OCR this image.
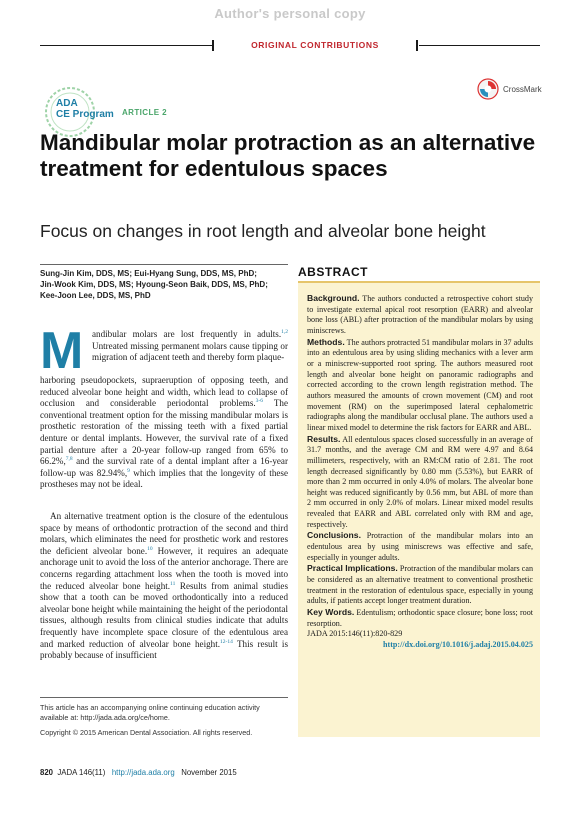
Author's personal copy
ORIGINAL CONTRIBUTIONS
ADA
CE Program ARTICLE 2
CrossMark
Mandibular molar protraction as an alternative treatment for edentulous spaces
Focus on changes in root length and alveolar bone height
Sung-Jin Kim, DDS, MS; Eui-Hyang Sung, DDS, MS, PhD;
Jin-Wook Kim, DDS, MS; Hyoung-Seon Baik, DDS, MS, PhD;
Kee-Joon Lee, DDS, MS, PhD
M andibular molars are lost frequently in adults.$^{1,2}$ Untreated missing permanent molars cause tipping or migration of adjacent teeth and thereby form plaque-
harboring pseudopockets, supraeruption of opposing teeth, and reduced alveolar bone height and width, which lead to collapse of occlusion and considerable periodontal problems.$^{3-6}$ The conventional treatment option for the missing mandibular molars is prosthetic restoration of the missing teeth with a fixed partial denture or dental implants. However, the survival rate of a fixed partial denture after a 20-year follow-up ranged from 65% to 66.2%,$^{7,8}$ and the survival rate of a dental implant after a 16-year follow-up was 82.94%,$^9$ which implies that the longevity of these prostheses may not be ideal.
An alternative treatment option is the closure of the edentulous space by means of orthodontic protraction of the second and third molars, which eliminates the need for prosthetic work and restores the deficient alveolar bone.$^{10}$ However, it requires an adequate anchorage unit to avoid the loss of the anterior anchorage. There are concerns regarding attachment loss when the tooth is moved into the reduced alveolar bone height.$^{11}$ Results from animal studies show that a tooth can be moved orthodontically into a reduced alveolar bone height while maintaining the height of the periodontal tissues, although results from clinical studies indicate that adults frequently have incomplete space closure of the edentulous area and marked reduction of alveolar bone height.$^{12-14}$ This result is probably because of insufficient
This article has an accompanying online continuing education activity available at: http://jada.ada.org/ce/home.
Copyright © 2015 American Dental Association. All rights reserved.
820 JADA 146(11) http://jada.ada.org November 2015
ABSTRACT
Background. The authors conducted a retrospective cohort study to investigate external apical root resorption (EARR) and alveolar bone loss (ABL) after protraction of the mandibular molars by using miniscrews.
Methods. The authors protracted 51 mandibular molars in 37 adults into an edentulous area by using sliding mechanics with a lever arm or a miniscrew-supported root spring. The authors measured root length and alveolar bone height on panoramic radiographs and corrected according to the crown length registration method. The authors measured the amounts of crown movement (CM) and root movement (RM) on the superimposed lateral cephalometric radiographs along the mandibular occlusal plane. The authors used a linear mixed model to determine the risk factors for EARR and ABL.
Results. All edentulous spaces closed successfully in an average of 31.7 months, and the average CM and RM were 4.97 and 8.64 millimeters, respectively, with an RM:CM ratio of 2.81. The root length decreased significantly by 0.80 mm (5.53%), but EARR of more than 2 mm occurred in only 4.0% of molars. The alveolar bone height was reduced significantly by 0.56 mm, but ABL of more than 2 mm occurred in only 2.0% of molars. Linear mixed model results revealed that EARR and ABL correlated only with RM and age, respectively.
Conclusions. Protraction of the mandibular molars into an edentulous area by using miniscrews was effective and safe, especially in younger adults.
Practical Implications. Protraction of the mandibular molars can be considered as an alternative treatment to conventional prosthetic treatment in the restoration of edentulous space, especially in young adults, if patients accept longer treatment duration.
Key Words. Edentulism; orthodontic space closure; bone loss; root resorption.
JADA 2015:146(11):820-829
http://dx.doi.org/10.1016/j.adaj.2015.04.025
